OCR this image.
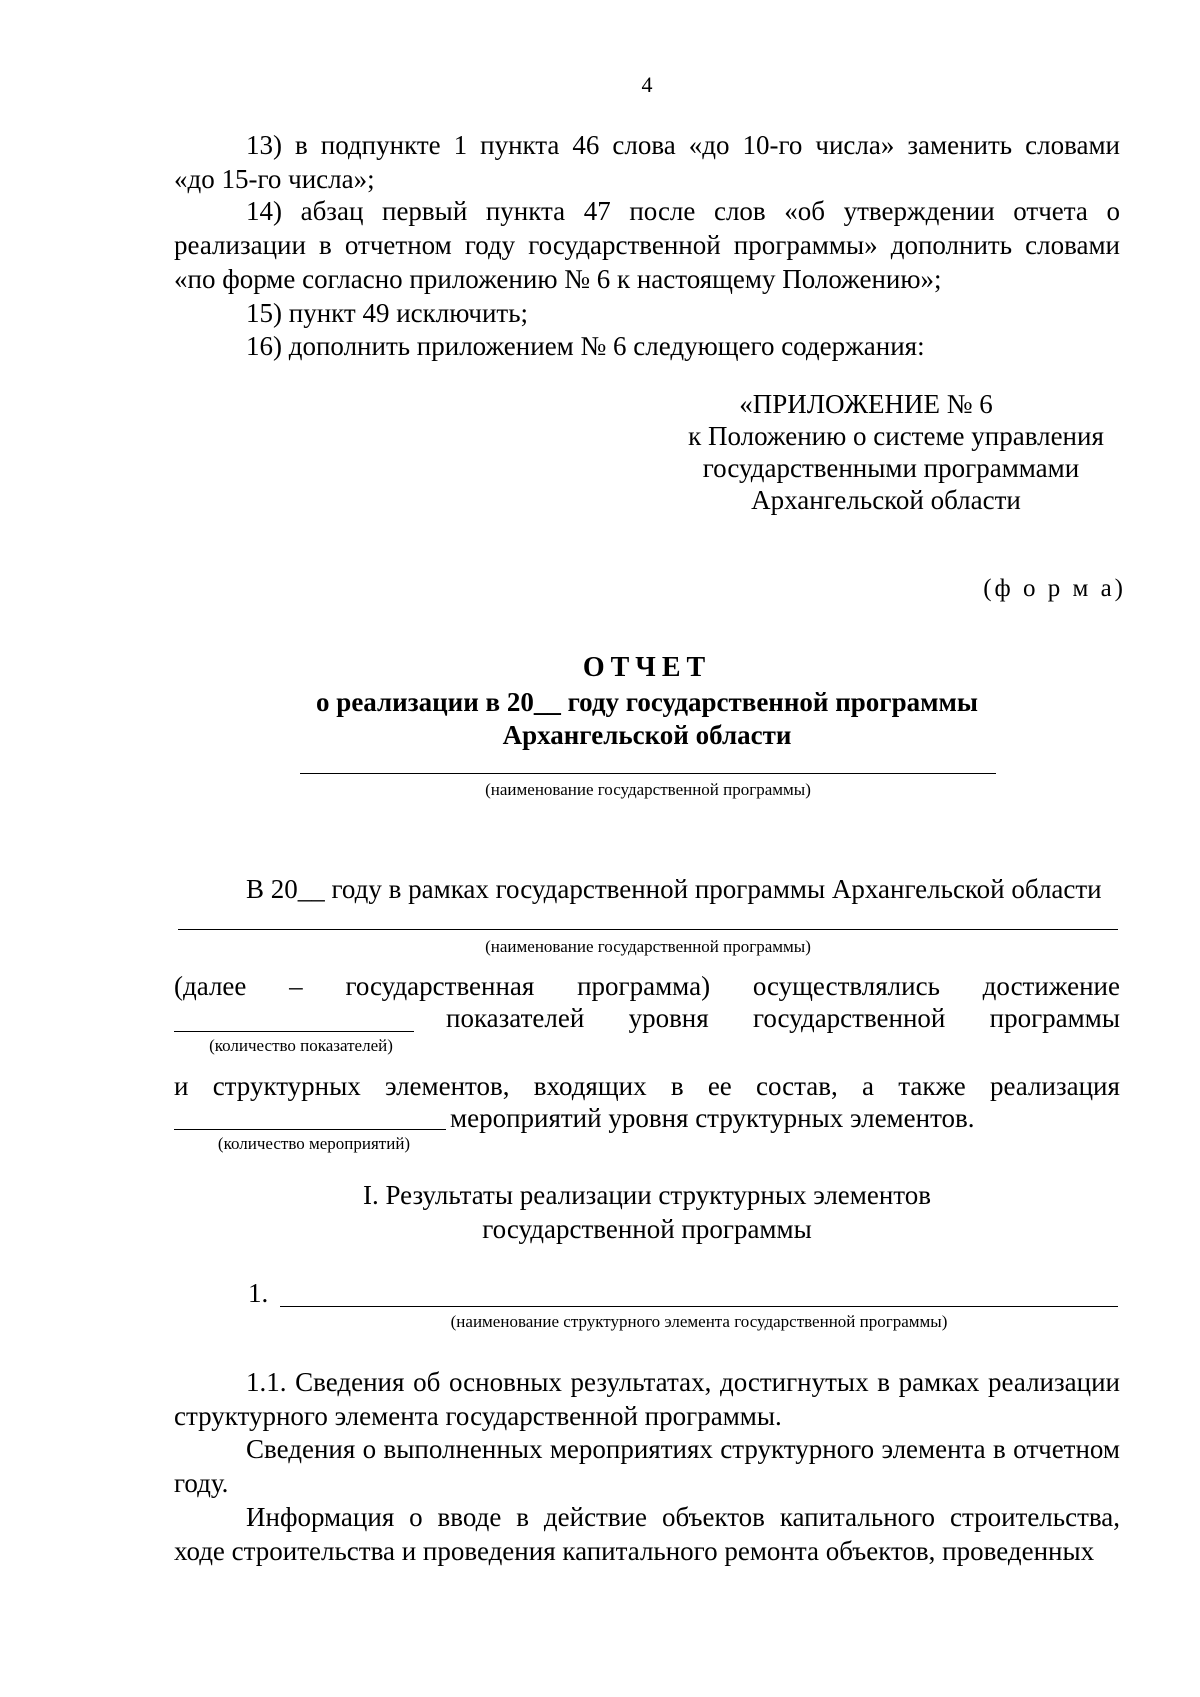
4
13) в подпункте 1 пункта 46 слова «до 10-го числа» заменить словами
«до 15-го числа»;

14) абзац первый пункта 47 после слов «об утверждении отчета о реализации в отчетном году государственной программы» дополнить словами «по форме согласно приложению № 6 к настоящему Положению»;

15) пункт 49 исключить;

16) дополнить приложением № 6 следующего содержания:

«ПРИЛОЖЕНИЕ № 6
к Положению о системе управления
государственными программами
Архангельской области
(ф о р м а)
ОТЧЕТ
о реализации в 20__ году государственной программы
Архангельской области
(наименование государственной программы)
В 20__ году в рамках государственной программы Архангельской области
(наименование государственной программы)
(далее – государственная программа) осуществлялись достижение
показателей уровня государственной программы
(количество показателей)
и структурных элементов, входящих в ее состав, а также реализация
мероприятий уровня структурных элементов.
(количество мероприятий)
I. Результаты реализации структурных элементов
государственной программы
1.
(наименование структурного элемента государственной программы)

1.1. Сведения об основных результатах, достигнутых в рамках реализации структурного элемента государственной программы.

Сведения о выполненных мероприятиях структурного элемента в отчетном году.

Информация о вводе в действие объектов капитального строительства, ходе строительства и проведения капитального ремонта объектов, проведенных
